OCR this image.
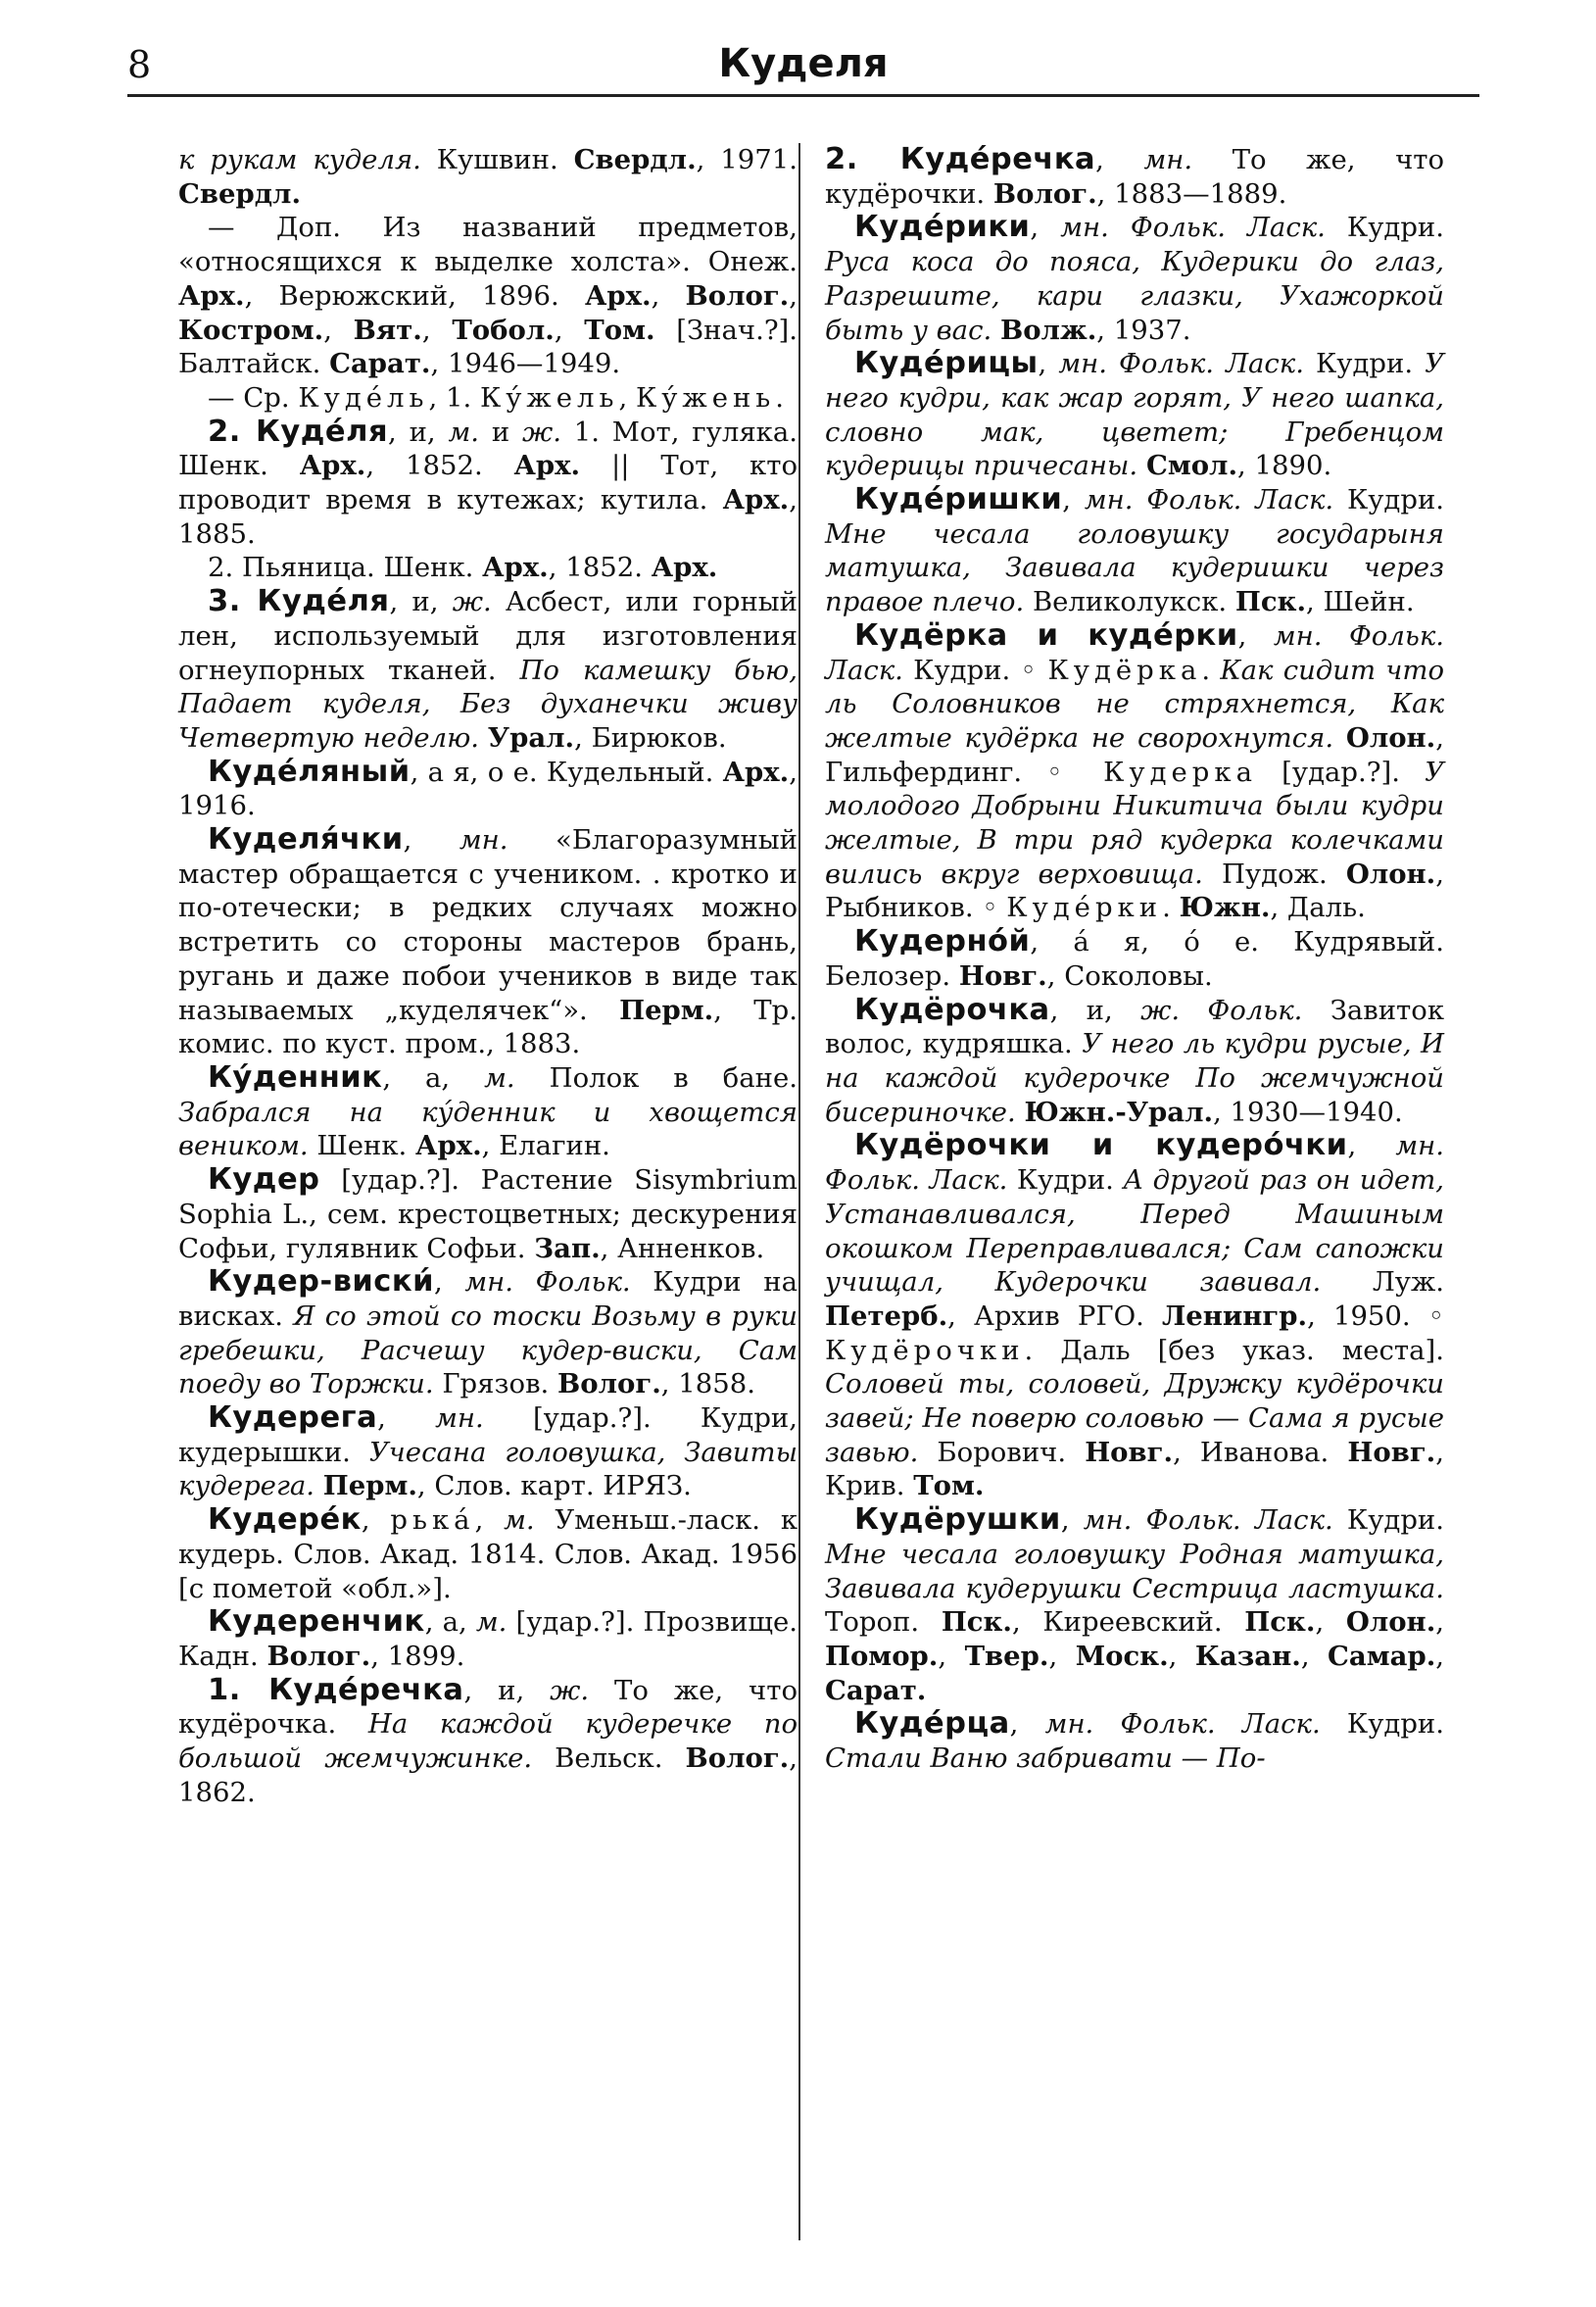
8	Куделя

к рукам куделя. Кушвин. Свердл., 1971. Свердл.

— Доп. Из названий предметов, «относящихся к выделке холста». Онеж. Арх., Верюжский, 1896. Арх., Волог., Костром., Вят., Тобол., Том. [Знач.?]. Балтайск. Сарат., 1946—1949.

— Ср. Куде́ль, 1. Ку́жель, Ку́жень.

2. Куде́ля, и, м. и ж. 1. Мот, гуляка. Шенк. Арх., 1852. Арх. || Тот, кто проводит время в кутежах; кутила. Арх., 1885.

2. Пьяница. Шенк. Арх., 1852. Арх.

3. Куде́ля, и, ж. Асбест, или горный лен, используемый для изготовления огнеупорных тканей. По камешку бью, Падает куделя, Без духанечки живу Четвертую неделю. Урал., Бирюков.

Куде́ляный, а я, о е. Кудельный. Арх., 1916.

Куделя́чки, мн. «Благоразумный мастер обращается с учеником. . кротко и по-отечески; в редких случаях можно встретить со стороны мастеров брань, ругань и даже побои учеников в виде так называемых „куделячек“». Перм., Тр. комис. по куст. пром., 1883.

Ку́денник, а, м. Полок в бане. Забрался на ку́денник и хвощется веником. Шенк. Арх., Елагин.

Кудер [удар.?]. Растение Sisymbrium Sophia L., сем. крестоцветных; дескурения Софьи, гулявник Софьи. Зап., Анненков.

Кудер-виски́, мн. Фольк. Кудри на висках. Я со этой со тоски Возьму в руки гребешки, Расчешу кудер-виски, Сам поеду во Торжки. Грязов. Волог., 1858.

Кудерега, мн. [удар.?]. Кудри, кудерышки. Учесана головушка, Завиты кудерега. Перм., Слов. карт. ИРЯЗ.

Кудере́к, рька́, м. Уменьш.-ласк. к кудерь. Слов. Акад. 1814. Слов. Акад. 1956 [с пометой «обл.»].

Кудеренчик, а, м. [удар.?]. Прозвище. Кадн. Волог., 1899.

1. Куде́речка, и, ж. То же, что кудёрочка. На каждой кудеречке по большой жемчужинке. Вельск. Волог., 1862.

2. Куде́речка, мн. То же, что кудёрочки. Волог., 1883—1889.

Куде́рики, мн. Фольк. Ласк. Кудри. Руса коса до пояса, Кудерики до глаз, Разрешите, кари глазки, Ухажоркой быть у вас. Волж., 1937.

Куде́рицы, мн. Фольк. Ласк. Кудри. У него кудри, как жар горят, У него шапка, словно мак, цветет; Гребенцом кудерицы причесаны. Смол., 1890.

Куде́ришки, мн. Фольк. Ласк. Кудри. Мне чесала головушку государыня матушка, Завивала кудеришки через правое плечо. Великолукск. Пск., Шейн.

Кудёрка и куде́рки, мн. Фольк. Ласк. Кудри. ◦ Кудёрка. Как сидит что ль Соловников не стряхнется, Как желтые кудёрка не сворохнутся. Олон., Гильфердинг. ◦ Кудерка [удар.?]. У молодого Добрыни Никитича были кудри желтые, В три ряд кудерка колечками вились вкруг верховища. Пудож. Олон., Рыбников. ◦ Куде́рки. Южн., Даль.

Кудерно́й, а́ я, о́ е. Кудрявый. Белозер. Новг., Соколовы.

Кудёрочка, и, ж. Фольк. Завиток волос, кудряшка. У него ль кудри русые, И на каждой кудерочке По жемчужной бисериночке. Южн.-Урал., 1930—1940.

Кудёрочки и кудеро́чки, мн. Фольк. Ласк. Кудри. А другой раз он идет, Устанавливался, Перед Машиным окошком Переправливался; Сам сапожки учищал, Кудерочки завивал. Луж. Петерб., Архив РГО. Ленингр., 1950. ◦ Кудёрочки. Даль [без указ. места]. Соловей ты, соловей, Дружку кудёрочки завей; Не поверю соловью — Сама я русые завью. Борович. Новг., Иванова. Новг., Крив. Том.

Кудёрушки, мн. Фольк. Ласк. Кудри. Мне чесала головушку Родная матушка, Завивала кудерушки Сестрица ластушка. Тороп. Пск., Киреевский. Пск., Олон., Помор., Твер., Моск., Казан., Самар., Сарат.

Куде́рца, мн. Фольк. Ласк. Кудри. Стали Ваню забривати — По-
